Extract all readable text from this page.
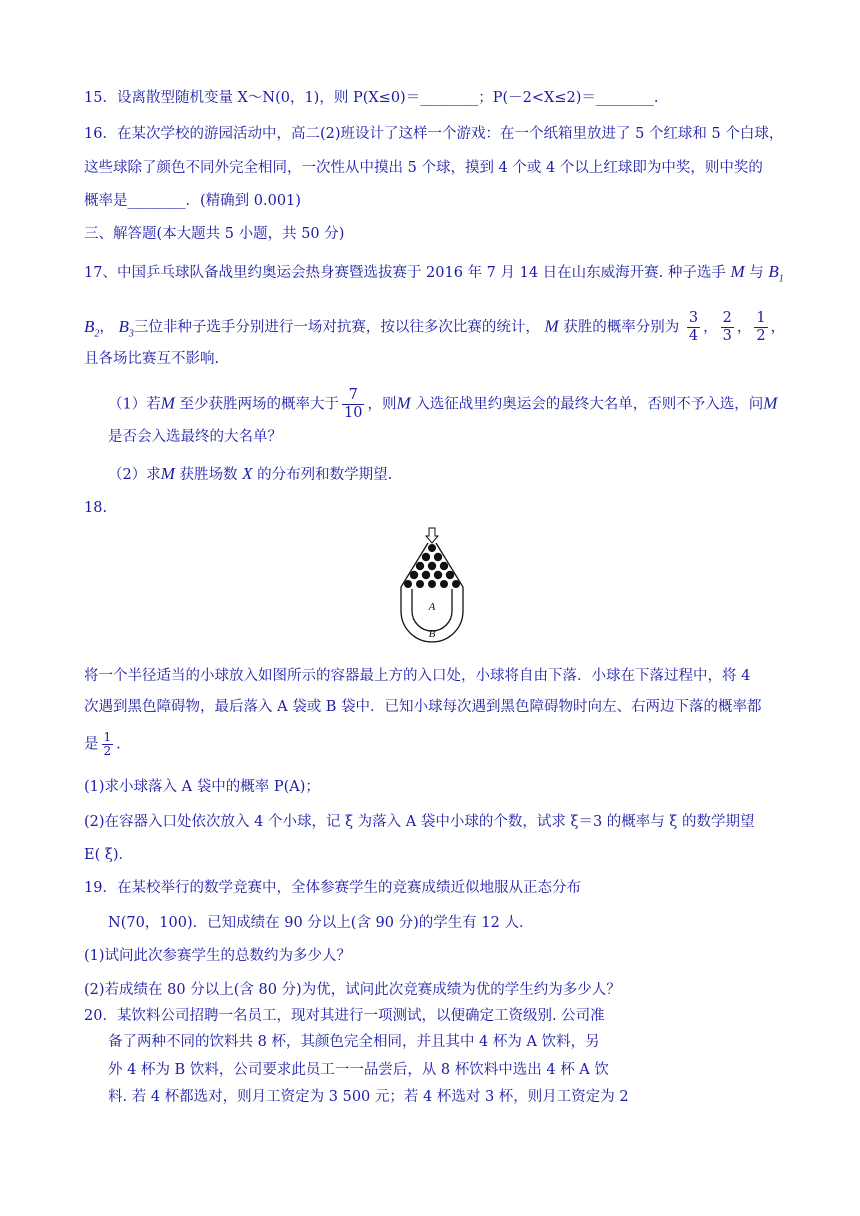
15．设离散型随机变量 X～N(0，1)，则 P(X≤0)＝________；P(－2<X≤2)＝________.
16．在某次学校的游园活动中，高二(2)班设计了这样一个游戏：在一个纸箱里放进了 5 个红球和 5 个白球，
这些球除了颜色不同外完全相同，一次性从中摸出 5 个球，摸到 4 个或 4 个以上红球即为中奖，则中奖的
概率是________．(精确到 0.001)
三、解答题(本大题共 5 小题，共 50 分)
17、中国乒乓球队备战里约奥运会热身赛暨选拔赛于 2016 年 7 月 14 日在山东威海开赛. 种子选手 M 与 $B_1$
$B_2$， $B_3$三位非种子选手分别进行一场对抗赛，按以往多次比赛的统计， M 获胜的概率分别为 $\frac{3}{4}$ ， $\frac{2}{3}$ ， $\frac{1}{2}$ ，
且各场比赛互不影响.
（1）若M 至少获胜两场的概率大于 $\frac{7}{10}$ ，则M 入选征战里约奥运会的最终大名单，否则不予入选，问M
是否会入选最终的大名单？
（2）求M 获胜场数 X 的分布列和数学期望.
18.
A
B
将一个半径适当的小球放入如图所示的容器最上方的入口处，小球将自由下落．小球在下落过程中，将 4
次遇到黑色障碍物，最后落入 A 袋或 B 袋中．已知小球每次遇到黑色障碍物时向左、右两边下落的概率都
是 $\frac{1}{2}$ .
(1)求小球落入 A 袋中的概率 P(A)；
(2)在容器入口处依次放入 4 个小球，记 ξ 为落入 A 袋中小球的个数，试求 ξ＝3 的概率与 ξ 的数学期望
E( ξ)．
19．在某校举行的数学竞赛中，全体参赛学生的竞赛成绩近似地服从正态分布
N(70，100)．已知成绩在 90 分以上(含 90 分)的学生有 12 人．
(1)试问此次参赛学生的总数约为多少人？
(2)若成绩在 80 分以上(含 80 分)为优，试问此次竞赛成绩为优的学生约为多少人？
20．某饮料公司招聘一名员工，现对其进行一项测试，以便确定工资级别. 公司准
备了两种不同的饮料共 8 杯，其颜色完全相同，并且其中 4 杯为 A 饮料，另
外 4 杯为 B 饮料，公司要求此员工一一品尝后，从 8 杯饮料中选出 4 杯 A 饮
料. 若 4 杯都选对，则月工资定为 3 500 元；若 4 杯选对 3 杯，则月工资定为 2
